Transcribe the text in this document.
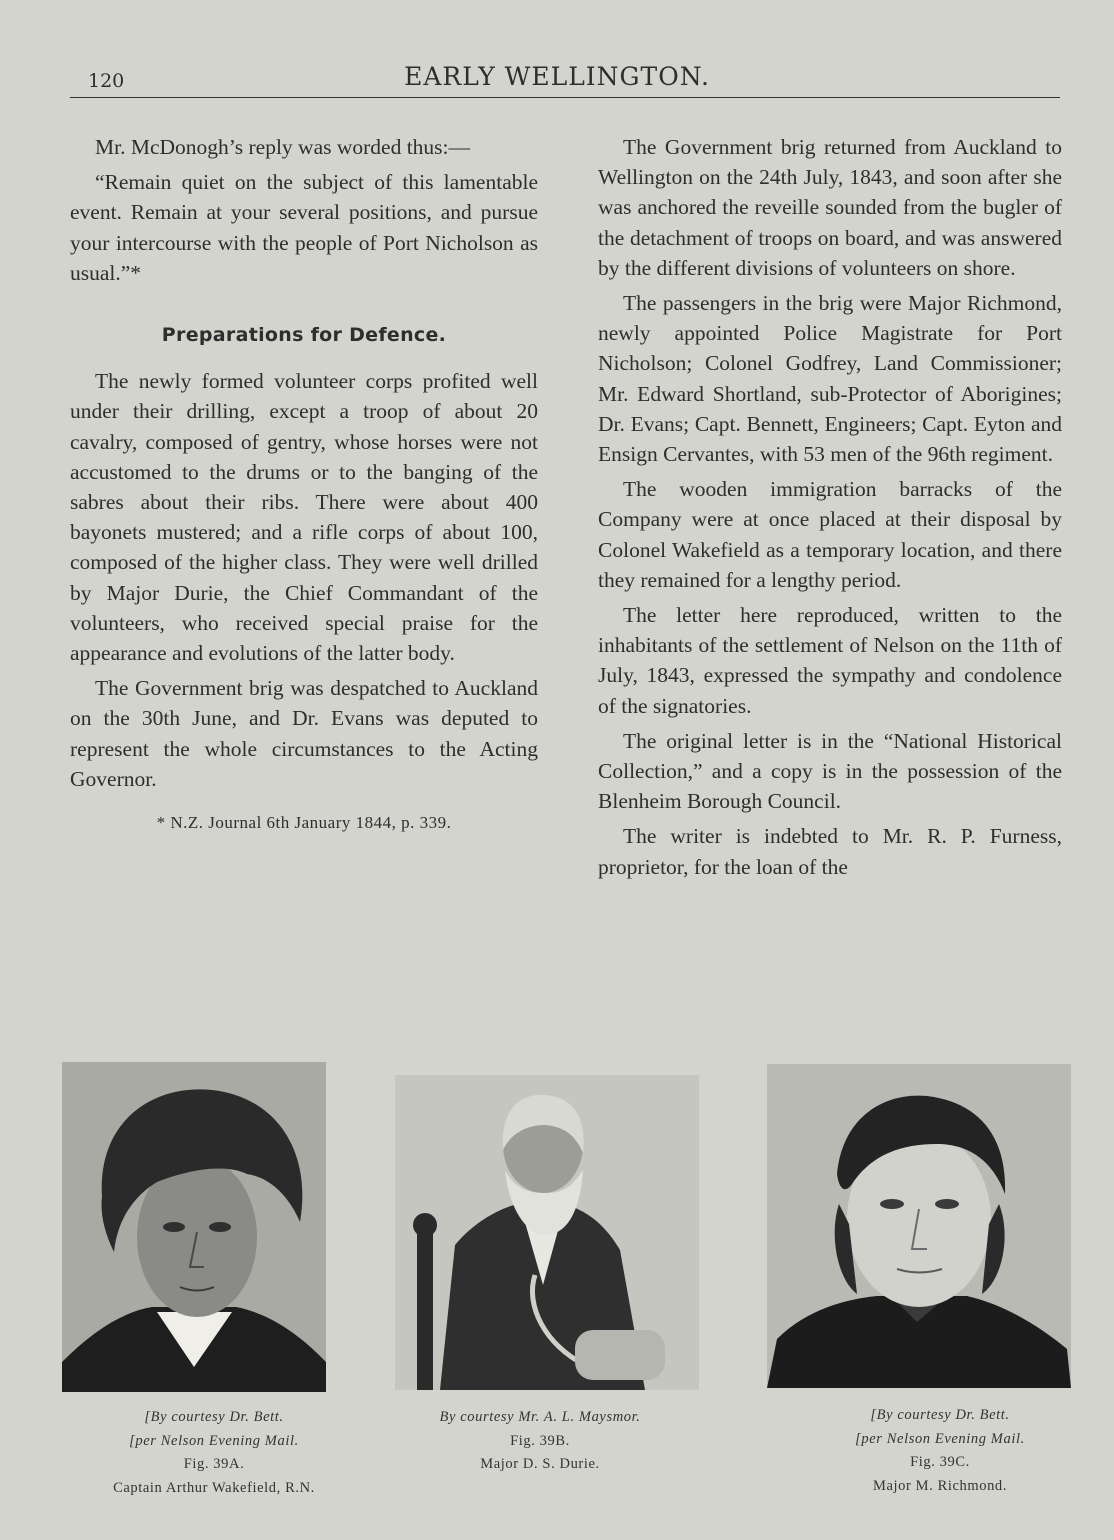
120	EARLY WELLINGTON.

Mr. McDonogh’s reply was worded thus:—

“Remain quiet on the subject of this lamentable event. Remain at your several positions, and pursue your intercourse with the people of Port Nicholson as usual.”*

Preparations for Defence.

The newly formed volunteer corps profited well under their drilling, except a troop of about 20 cavalry, composed of gentry, whose horses were not accustomed to the drums or to the banging of the sabres about their ribs. There were about 400 bayonets mustered; and a rifle corps of about 100, composed of the higher class. They were well drilled by Major Durie, the Chief Commandant of the volunteers, who received special praise for the appearance and evolutions of the latter body.

The Government brig was despatched to Auckland on the 30th June, and Dr. Evans was deputed to represent the whole circumstances to the Acting Governor.

* N.Z. Journal 6th January 1844, p. 339.

The Government brig returned from Auckland to Wellington on the 24th July, 1843, and soon after she was anchored the reveille sounded from the bugler of the detachment of troops on board, and was answered by the different divisions of volunteers on shore.

The passengers in the brig were Major Richmond, newly appointed Police Magistrate for Port Nicholson; Colonel Godfrey, Land Commissioner; Mr. Edward Shortland, sub-Protector of Aborigines; Dr. Evans; Capt. Bennett, Engineers; Capt. Eyton and Ensign Cervantes, with 53 men of the 96th regiment.

The wooden immigration barracks of the Company were at once placed at their disposal by Colonel Wakefield as a temporary location, and there they remained for a lengthy period.

The letter here reproduced, written to the inhabitants of the settlement of Nelson on the 11th of July, 1843, expressed the sympathy and condolence of the signatories.

The original letter is in the “National Historical Collection,” and a copy is in the possession of the Blenheim Borough Council.

The writer is indebted to Mr. R. P. Furness, proprietor, for the loan of the

[By courtesy Dr. Bett.
[per Nelson Evening Mail.
Fig. 39A.
Captain Arthur Wakefield, R.N.
By courtesy Mr. A. L. Maysmor.
Fig. 39B.
Major D. S. Durie.
[By courtesy Dr. Bett.
[per Nelson Evening Mail.
Fig. 39C.
Major M. Richmond.
